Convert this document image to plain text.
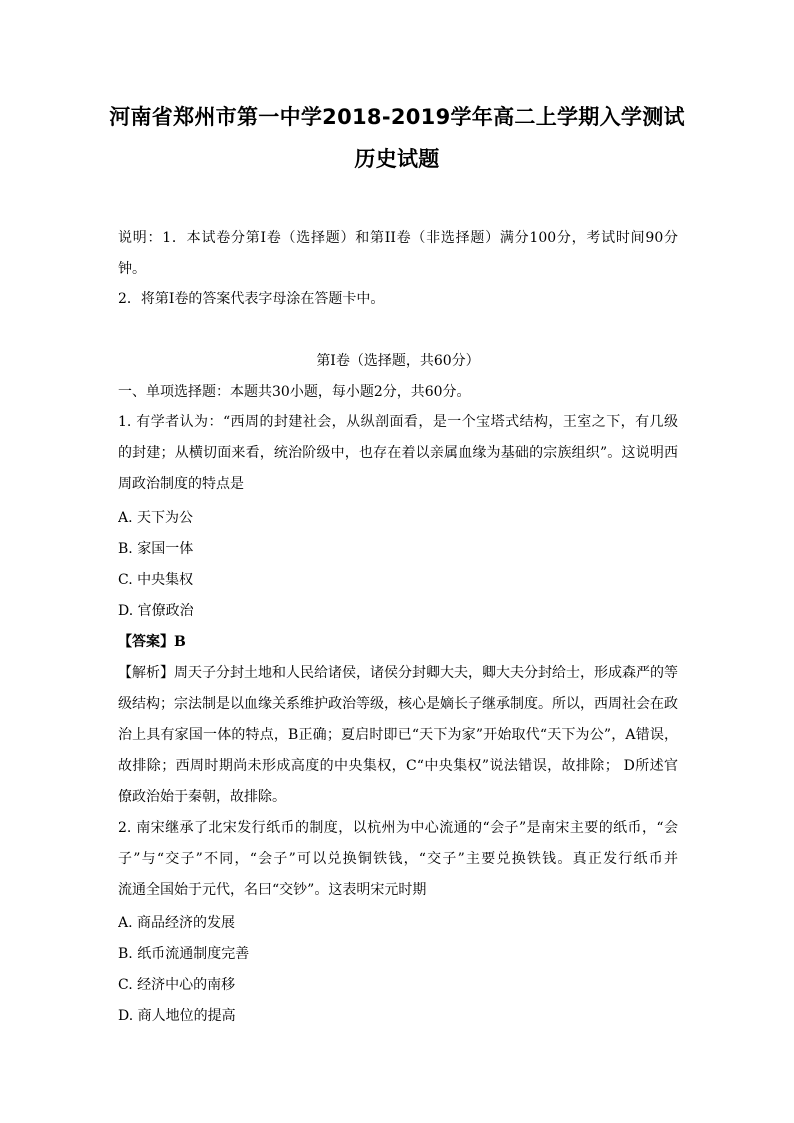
河南省郑州市第一中学2018-2019学年高二上学期入学测试
历史试题
说明：1．本试卷分第I卷（选择题）和第II卷（非选择题）满分100分，考试时间90分
钟。
2．将第I卷的答案代表字母涂在答题卡中。
第I卷（选择题，共60分）
一、单项选择题：本题共30小题，每小题2分，共60分。
1. 有学者认为：“西周的封建社会，从纵剖面看，是一个宝塔式结构，王室之下，有几级
的封建；从横切面来看，统治阶级中，也存在着以亲属血缘为基础的宗族组织”。这说明西
周政治制度的特点是
A. 天下为公
B. 家国一体
C. 中央集权
D. 官僚政治
【答案】B
【解析】周天子分封土地和人民给诸侯，诸侯分封卿大夫，卿大夫分封给士，形成森严的等
级结构；宗法制是以血缘关系维护政治等级，核心是嫡长子继承制度。所以，西周社会在政
治上具有家国一体的特点，B正确；夏启时即已“天下为家”开始取代“天下为公”，A错误，
故排除；西周时期尚未形成高度的中央集权，C“中央集权”说法错误，故排除； D所述官
僚政治始于秦朝，故排除。
2. 南宋继承了北宋发行纸币的制度，以杭州为中心流通的“会子”是南宋主要的纸币，“会
子”与“交子”不同，“会子”可以兑换铜铁钱，“交子”主要兑换铁钱。真正发行纸币并
流通全国始于元代，名曰“交钞”。这表明宋元时期
A. 商品经济的发展
B. 纸币流通制度完善
C. 经济中心的南移
D. 商人地位的提高
